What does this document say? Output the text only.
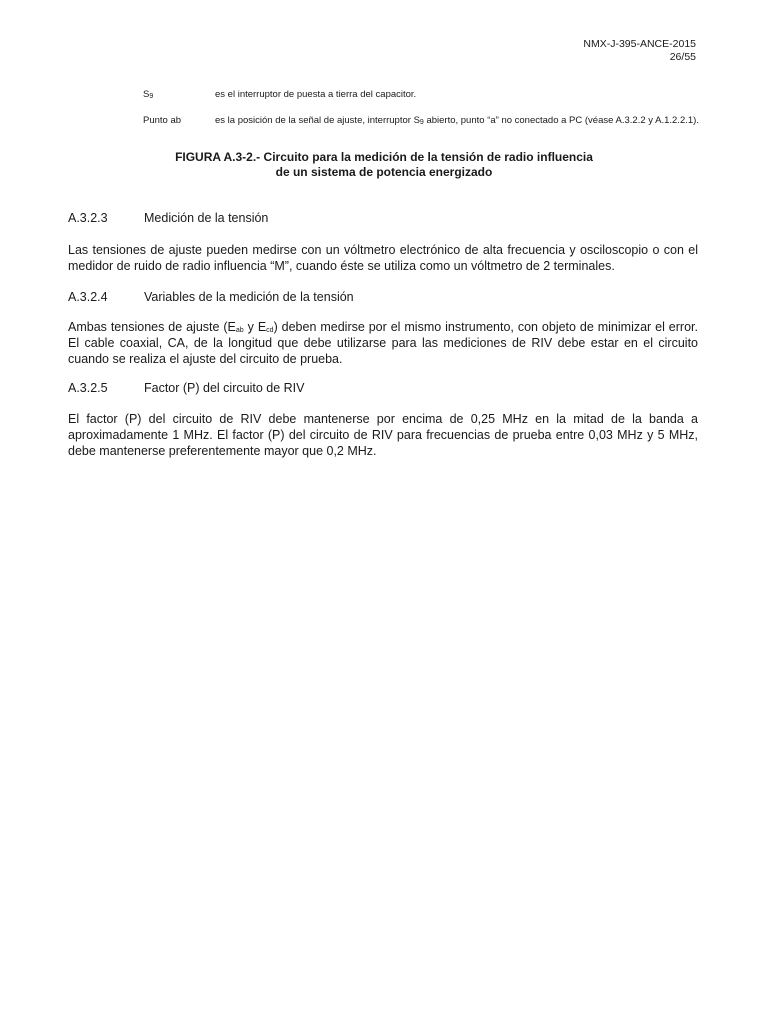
NMX-J-395-ANCE-2015
26/55
$S_9$	es el interruptor de puesta a tierra del capacitor.
Punto ab	es la posición de la señal de ajuste, interruptor $S_9$ abierto, punto “a” no conectado a PC (véase A.3.2.2 y A.1.2.2.1).
FIGURA A.3-2.- Circuito para la medición de la tensión de radio influencia
de un sistema de potencia energizado
A.3.2.3	Medición de la tensión
Las tensiones de ajuste pueden medirse con un vóltmetro electrónico de alta frecuencia y osciloscopio o con el medidor de ruido de radio influencia “M”, cuando éste se utiliza como un vóltmetro de 2 terminales.
A.3.2.4	Variables de la medición de la tensión
Ambas tensiones de ajuste ($E_{ab}$ y $E_{cd}$) deben medirse por el mismo instrumento, con objeto de minimizar el error. El cable coaxial, CA, de la longitud que debe utilizarse para las mediciones de RIV debe estar en el circuito cuando se realiza el ajuste del circuito de prueba.
A.3.2.5	Factor (P) del circuito de RIV
El factor (P) del circuito de RIV debe mantenerse por encima de 0,25 MHz en la mitad de la banda a aproximadamente 1 MHz. El factor (P) del circuito de RIV para frecuencias de prueba entre 0,03 MHz y 5 MHz, debe mantenerse preferentemente mayor que 0,2 MHz.
